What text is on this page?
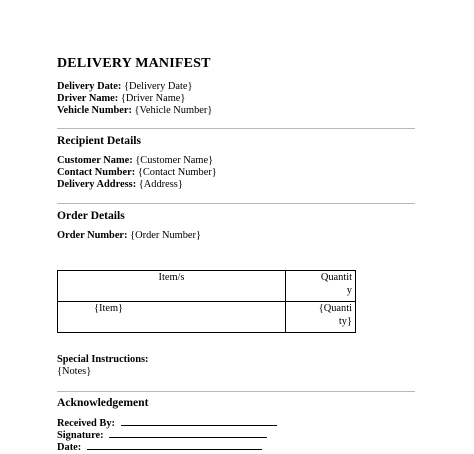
DELIVERY MANIFEST
Delivery Date: {Delivery Date}
Driver Name: {Driver Name}
Vehicle Number: {Vehicle Number}
Recipient Details
Customer Name: {Customer Name}
Contact Number: {Contact Number}
Delivery Address: {Address}
Order Details
Order Number: {Order Number}
Item/s	Quantit
y
{Item}	{Quanti
ty}
Special Instructions:
{Notes}
Acknowledgement
Received By:
Signature:
Date:
